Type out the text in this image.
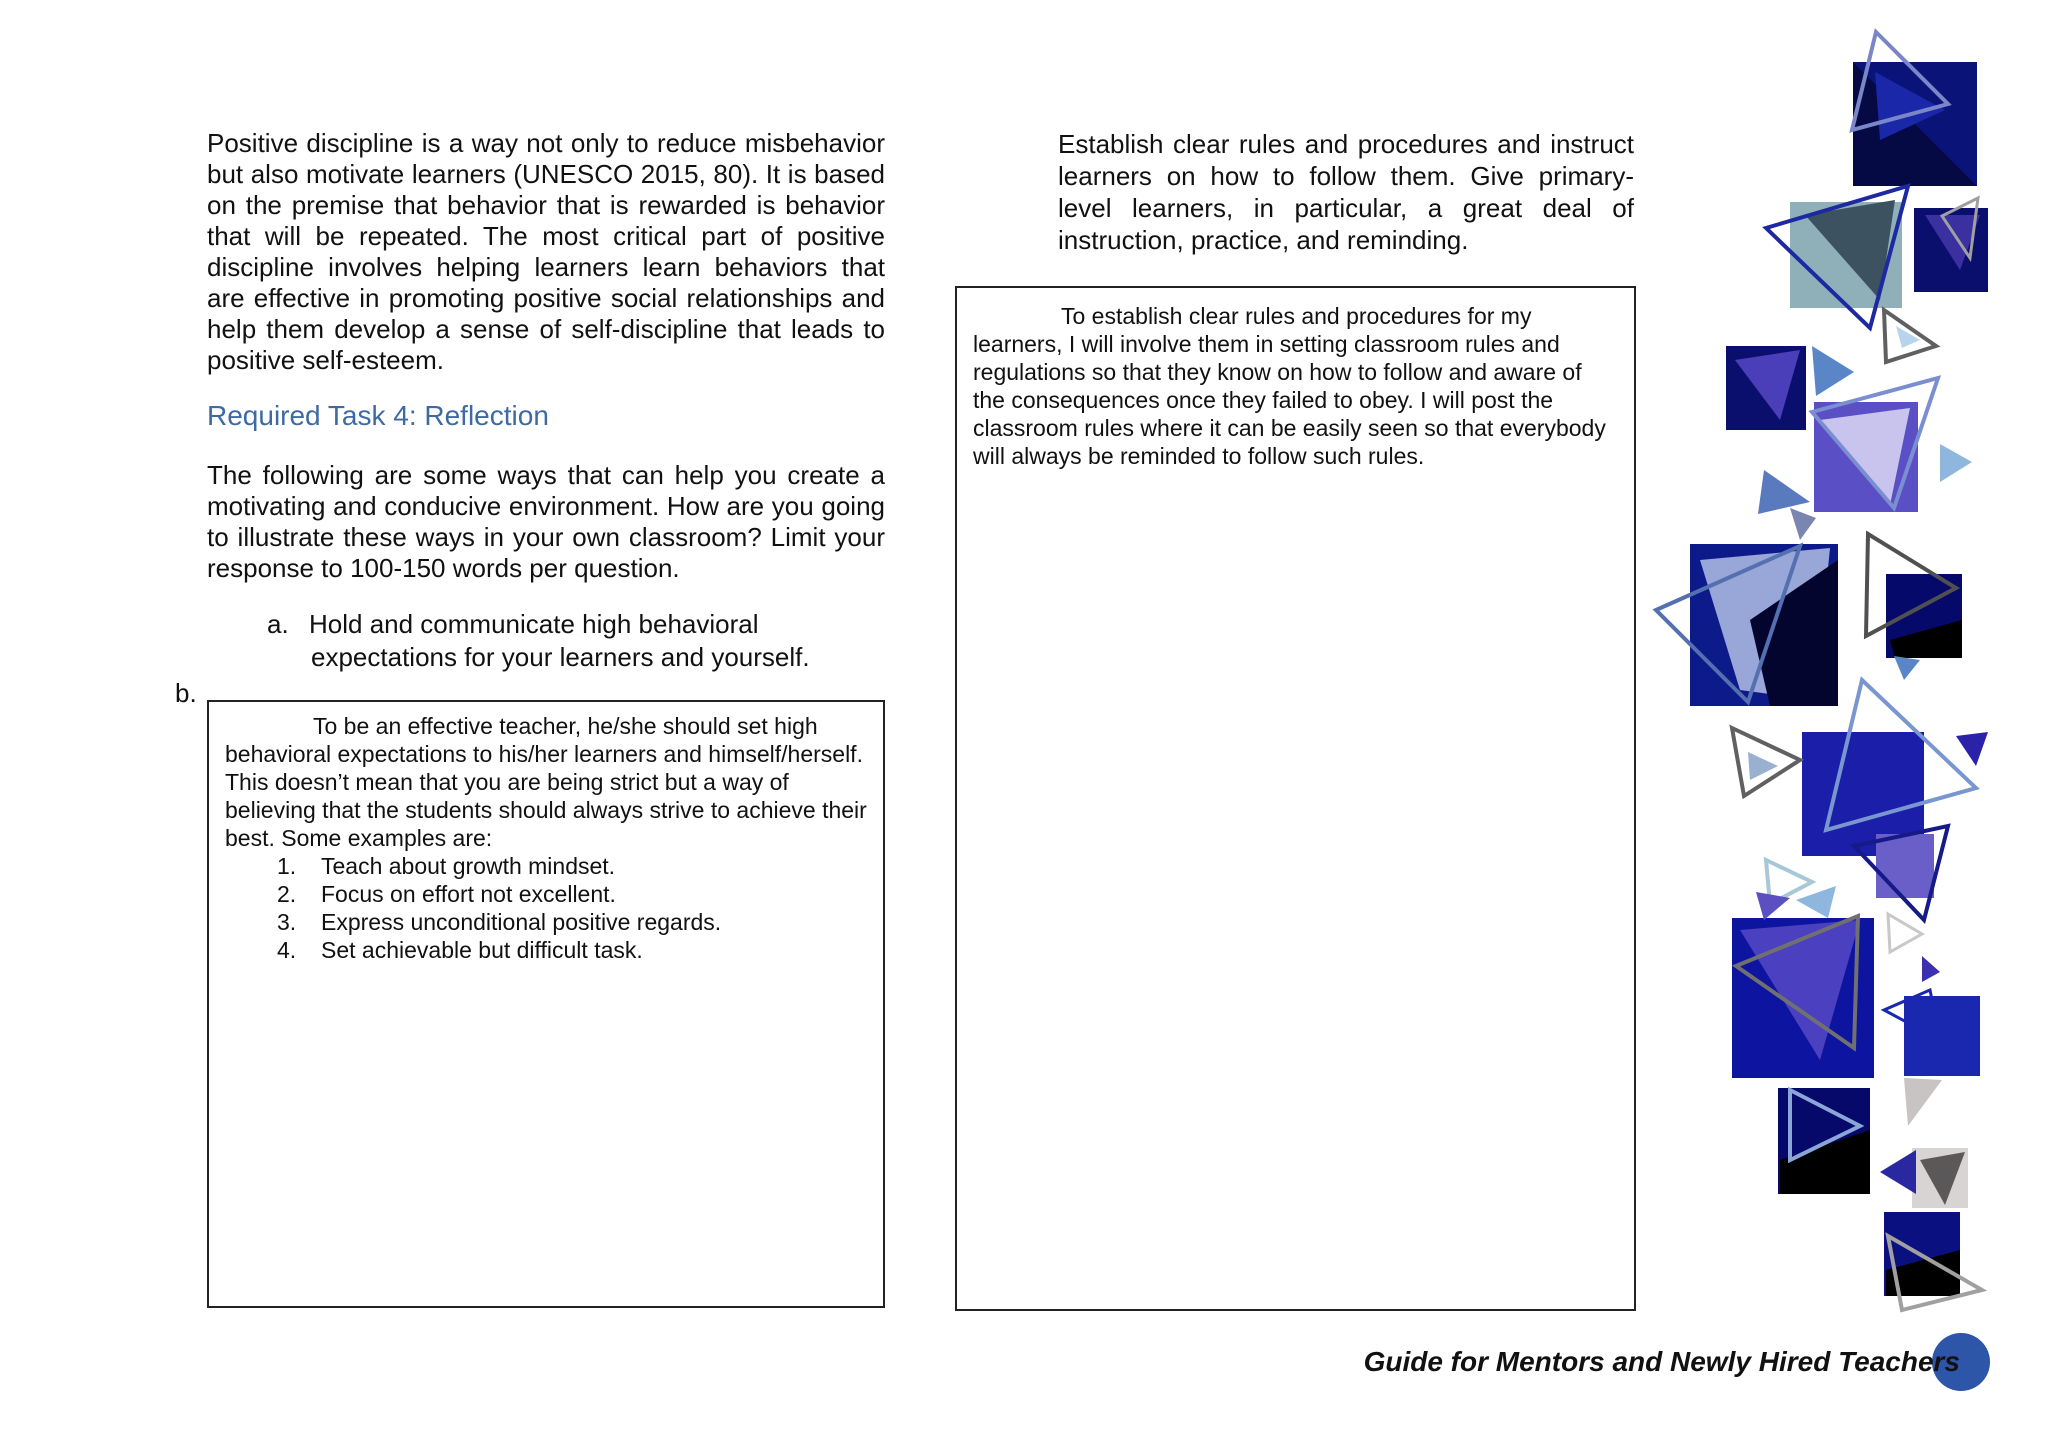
Positive discipline is a way not only to reduce misbehavior but also motivate learners (UNESCO 2015, 80). It is based on the premise that behavior that is rewarded is behavior that will be repeated. The most critical part of positive discipline involves helping learners learn behaviors that are effective in promoting positive social relationships and help them develop a sense of self-discipline that leads to positive self-esteem.

Required Task 4: Reflection

The following are some ways that can help you create a motivating and conducive environment. How are you going to illustrate these ways in your own classroom? Limit your response to 100-150 words per question.

a. Hold and communicate high behavioral
expectations for your learners and yourself.
b.

To be an effective teacher, he/she should set high behavioral expectations to his/her learners and himself/herself. This doesn’t mean that you are being strict but a way of believing that the students should always strive to achieve their best. Some examples are:

1. Teach about growth mindset.
2. Focus on effort not excellent.
3. Express unconditional positive regards.
4. Set achievable but difficult task.

Establish clear rules and procedures and instruct learners on how to follow them. Give primary-level learners, in particular, a great deal of instruction, practice, and reminding.

To establish clear rules and procedures for my learners, I will involve them in setting classroom rules and regulations so that they know on how to follow and aware of the consequences once they failed to obey. I will post the classroom rules where it can be easily seen so that everybody will always be reminded to follow such rules.

Guide for Mentors and Newly Hired Teachers
